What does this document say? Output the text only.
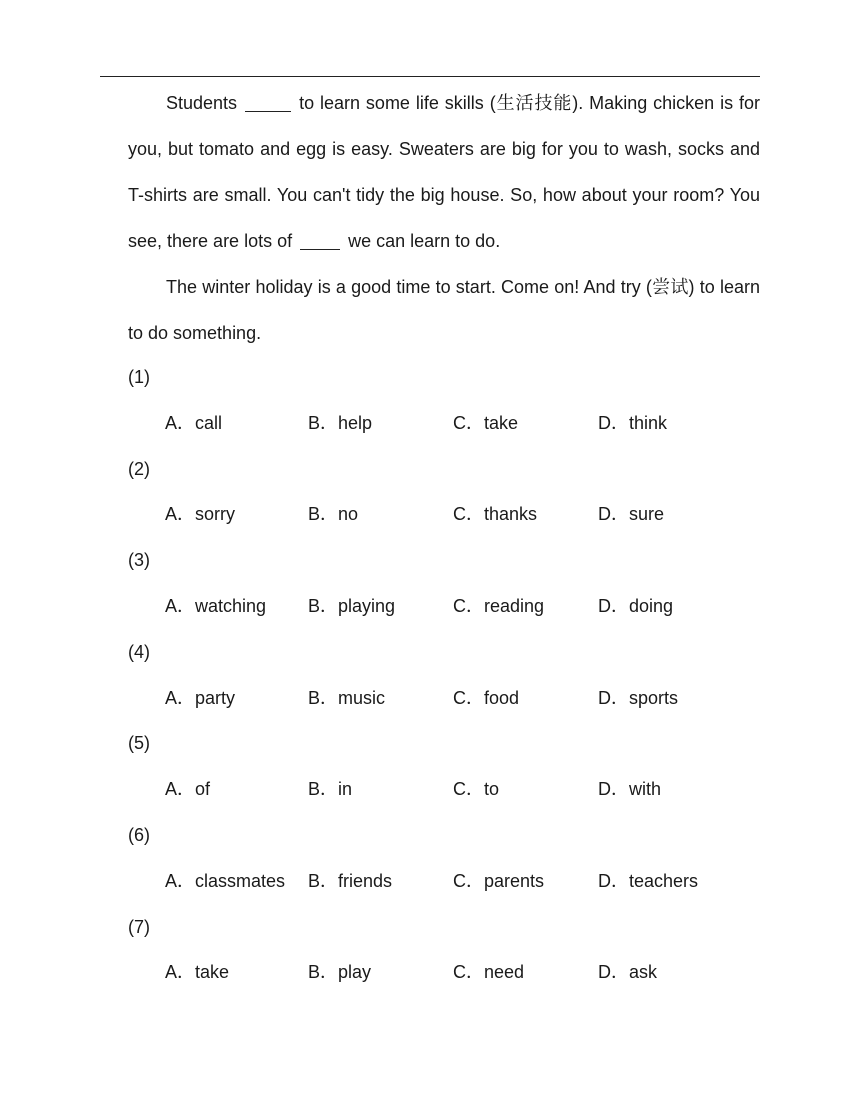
Students	to learn some life skills (生活技能). Making chicken is for you, but tomato and egg is easy. Sweaters are big for you to wash, socks and T-shirts are small. You can't tidy the big house. So, how about your room? You see, there are lots of	we can learn to do.

The winter holiday is a good time to start. Come on! And try (尝试) to learn to do something.

(1)
A．call	B．help	C．take	D．think
(2)
A．sorry	B．no	C．thanks	D．sure
(3)
A．watching B．playing	C．reading	D．doing
(4)
A．party	B．music	C．food	D．sports
(5)
A．of	B．in	C．to	D．with
(6)
A．classmates B．friends	C．parents	D．teachers
(7)
A．take	B．play	C．need	D．ask
